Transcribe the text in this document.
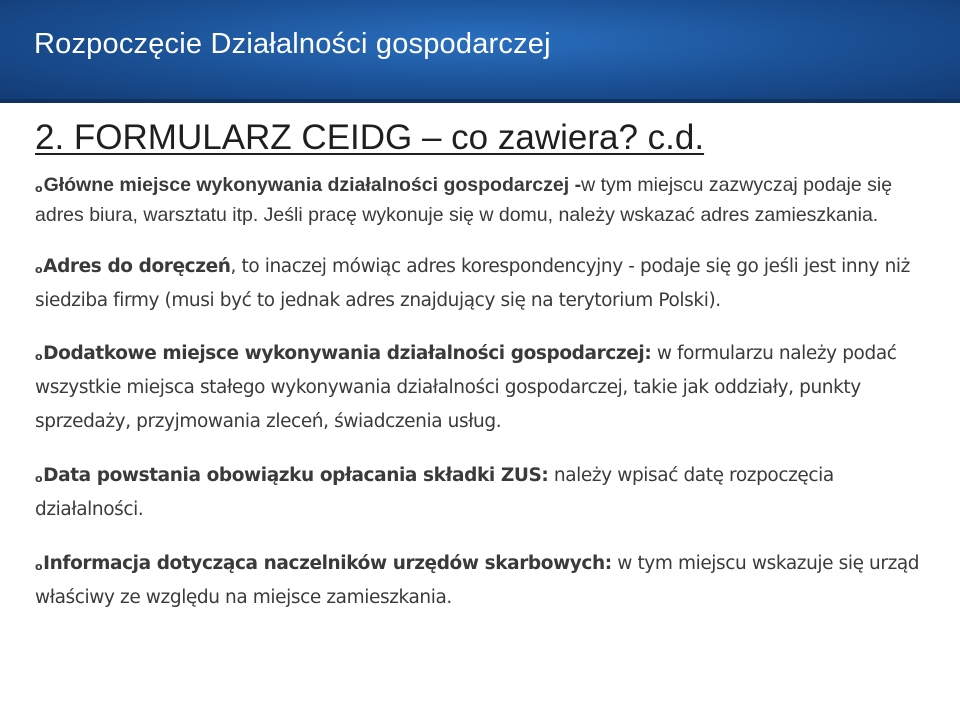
Rozpoczęcie Działalności gospodarczej
2. FORMULARZ CEIDG – co zawiera? c.d.

oGłówne miejsce wykonywania działalności gospodarczej -w tym miejscu zazwyczaj podaje się adres biura, warsztatu itp. Jeśli pracę wykonuje się w domu, należy wskazać adres zamieszkania.

oAdres do doręczeń, to inaczej mówiąc adres korespondencyjny - podaje się go jeśli jest inny niż siedziba firmy (musi być to jednak adres znajdujący się na terytorium Polski).

oDodatkowe miejsce wykonywania działalności gospodarczej: w formularzu należy podać wszystkie miejsca stałego wykonywania działalności gospodarczej, takie jak oddziały, punkty sprzedaży, przyjmowania zleceń, świadczenia usług.

oData powstania obowiązku opłacania składki ZUS: należy wpisać datę rozpoczęcia działalności.

oInformacja dotycząca naczelników urzędów skarbowych: w tym miejscu wskazuje się urząd właściwy ze względu na miejsce zamieszkania.
